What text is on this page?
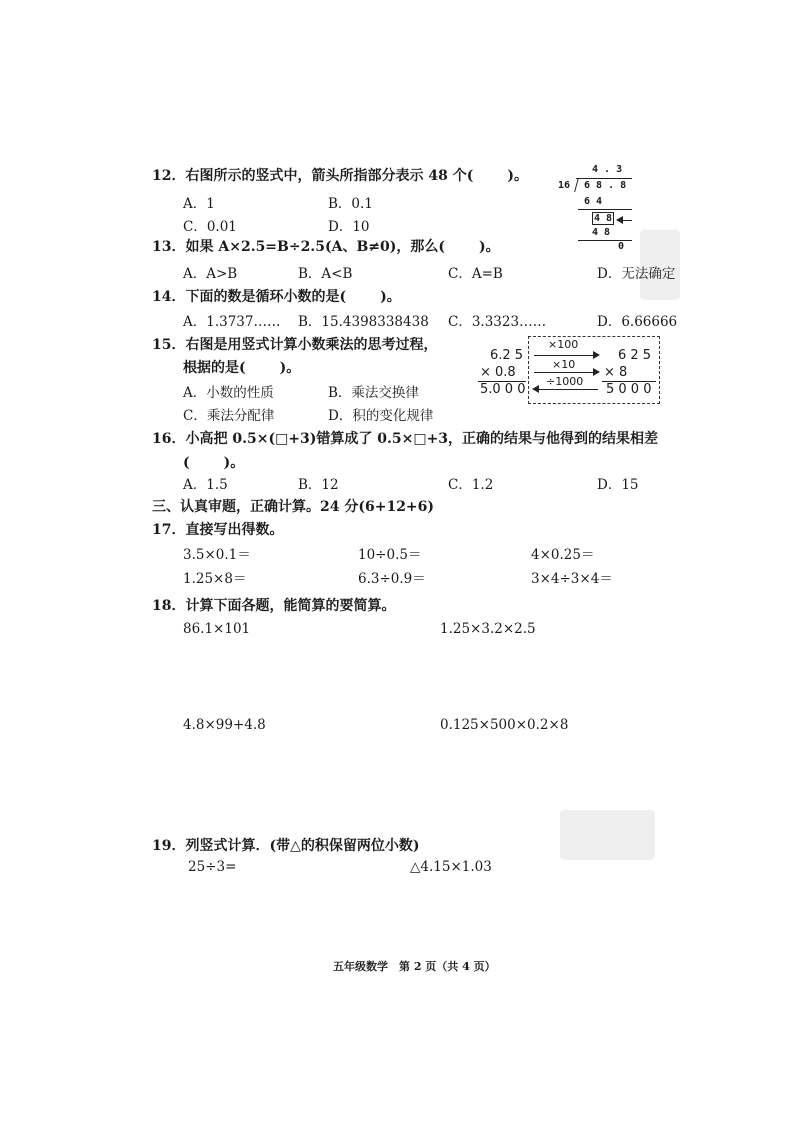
12．右图所示的竖式中，箭头所指部分表示 48 个( )。
A．1	B．0.1
C．0.01	D．10
4 . 3
16 6 8 . 8
6 4
4 8
4 8
0
13．如果 A×2.5=B÷2.5(A、B≠0)，那么( )。
A．A>B	B．A<B	C．A=B	D．无法确定
14．下面的数是循环小数的是( )。
A．1.3737…… B．15.4398338438 C．3.3323……	D．6.66666
15．右图是用竖式计算小数乘法的思考过程，
根据的是( )。
A．小数的性质	B．乘法交换律
C．乘法分配律	D．积的变化规律
6.2 5
× 0.8
5.0 0 0
×100
×10
÷1000
6 2 5
× 8
5 0 0 0
16．小高把 0.5×(□+3)错算成了 0.5×□+3，正确的结果与他得到的结果相差
( )。
A．1.5	B．12	C．1.2	D．15
三、认真审题，正确计算。24 分(6+12+6)
17．直接写出得数。
3.5×0.1＝	10÷0.5＝	4×0.25＝
1.25×8＝	6.3÷0.9＝	3×4÷3×4＝
18．计算下面各题，能简算的要简算。
86.1×101	1.25×3.2×2.5
4.8×99+4.8	0.125×500×0.2×8
19．列竖式计算．(带△的积保留两位小数)
25÷3=	△4.15×1.03
五年级数学　第 2 页（共 4 页）
